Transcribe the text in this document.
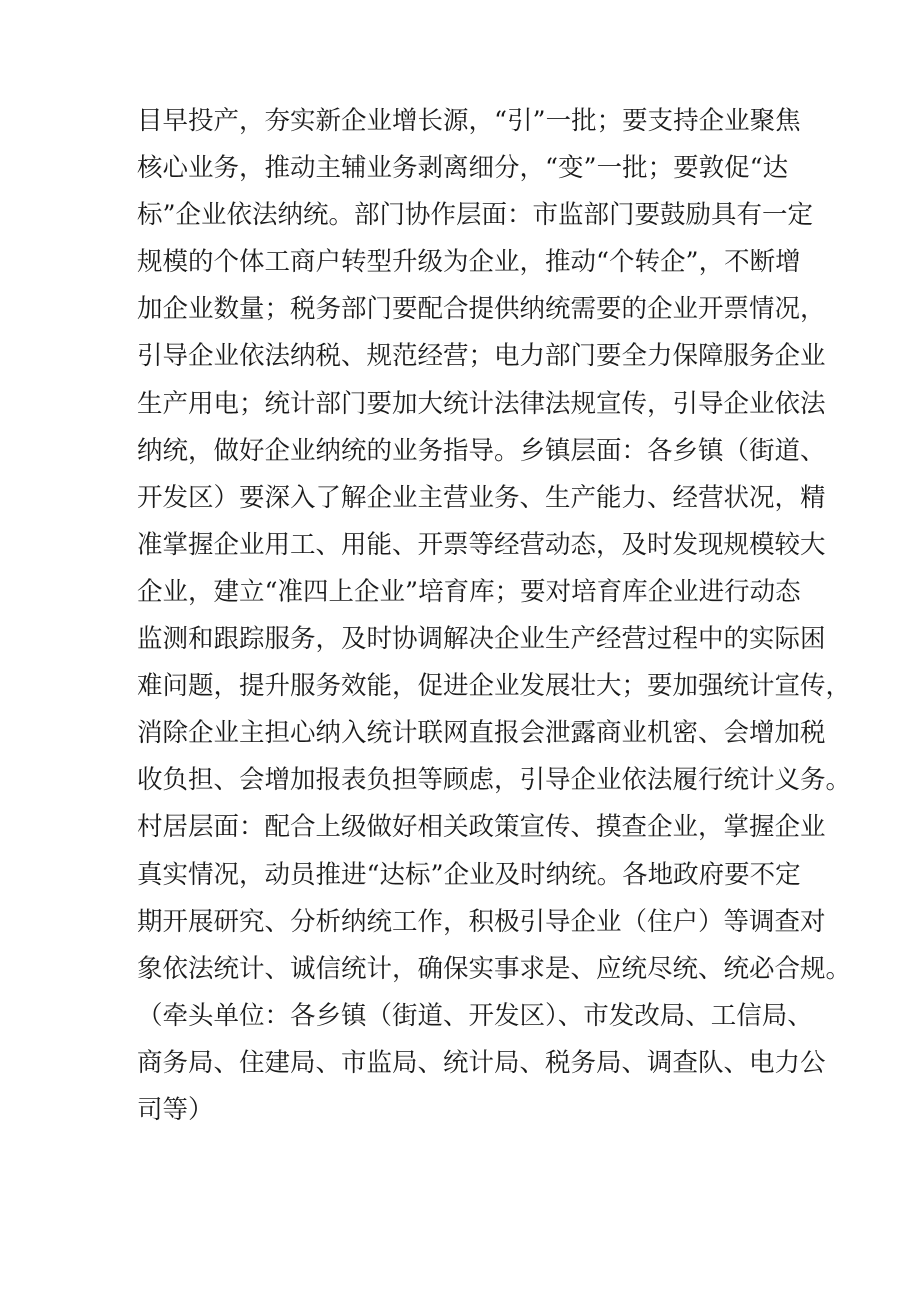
目早投产，夯实新企业增长源，“引”一批；要支持企业聚焦
核心业务，推动主辅业务剥离细分，“变”一批；要敦促“达
标”企业依法纳统。部门协作层面：市监部门要鼓励具有一定
规模的个体工商户转型升级为企业，推动“个转企”，不断增
加企业数量；税务部门要配合提供纳统需要的企业开票情况，
引导企业依法纳税、规范经营；电力部门要全力保障服务企业
生产用电；统计部门要加大统计法律法规宣传，引导企业依法
纳统，做好企业纳统的业务指导。乡镇层面：各乡镇（街道、
开发区）要深入了解企业主营业务、生产能力、经营状况，精
准掌握企业用工、用能、开票等经营动态，及时发现规模较大
企业，建立“准四上企业”培育库；要对培育库企业进行动态
监测和跟踪服务，及时协调解决企业生产经营过程中的实际困
难问题，提升服务效能，促进企业发展壮大；要加强统计宣传，
消除企业主担心纳入统计联网直报会泄露商业机密、会增加税
收负担、会增加报表负担等顾虑，引导企业依法履行统计义务。
村居层面：配合上级做好相关政策宣传、摸查企业，掌握企业
真实情况，动员推进“达标”企业及时纳统。各地政府要不定
期开展研究、分析纳统工作，积极引导企业（住户）等调查对
象依法统计、诚信统计，确保实事求是、应统尽统、统必合规。
（牵头单位：各乡镇（街道、开发区）、市发改局、工信局、
商务局、住建局、市监局、统计局、税务局、调查队、电力公
司等）
